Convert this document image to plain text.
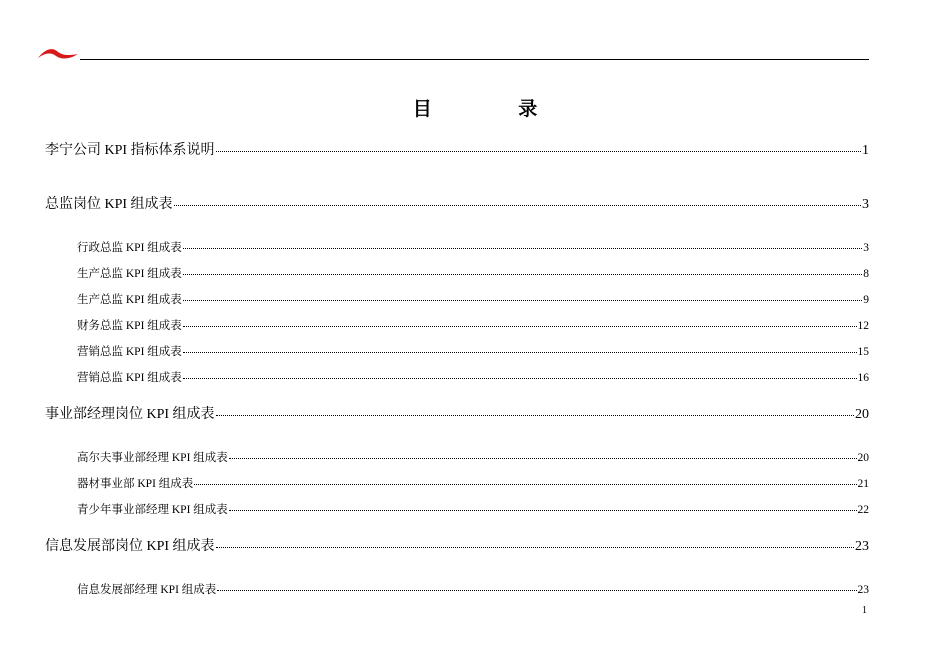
目 录
李宁公司 KPI 指标体系说明	1
总监岗位 KPI 组成表	3
行政总监 KPI 组成表	3
生产总监 KPI 组成表	8
生产总监 KPI 组成表	9
财务总监 KPI 组成表	12
营销总监 KPI 组成表	15
营销总监 KPI 组成表	16
事业部经理岗位 KPI 组成表	20
高尔夫事业部经理 KPI 组成表	20
器材事业部 KPI 组成表	21
青少年事业部经理 KPI 组成表	22
信息发展部岗位 KPI 组成表	23
信息发展部经理 KPI 组成表	23
1
